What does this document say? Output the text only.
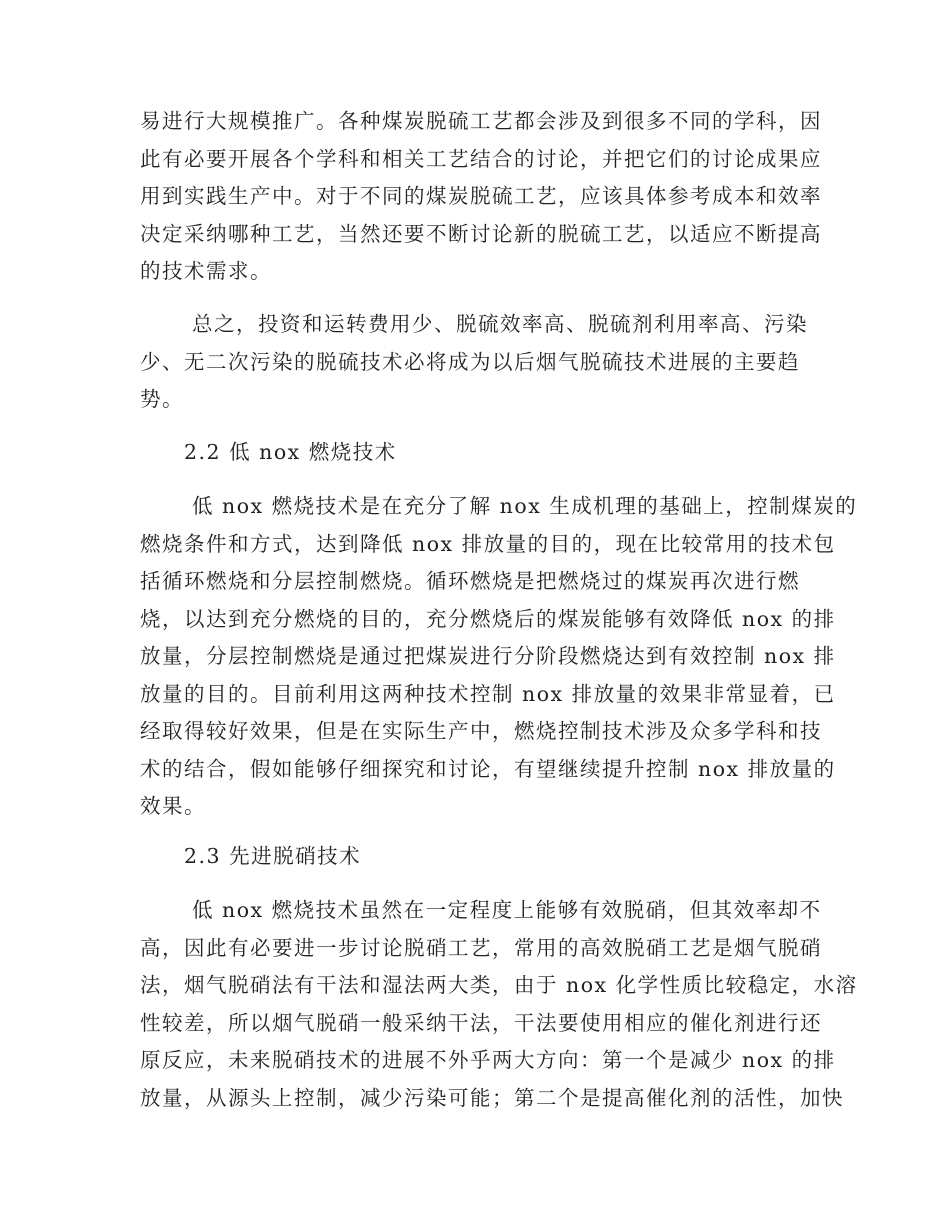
易进行大规模推广。各种煤炭脱硫工艺都会涉及到很多不同的学科，因
此有必要开展各个学科和相关工艺结合的讨论，并把它们的讨论成果应
用到实践生产中。对于不同的煤炭脱硫工艺，应该具体参考成本和效率
决定采纳哪种工艺，当然还要不断讨论新的脱硫工艺，以适应不断提高
的技术需求。
总之，投资和运转费用少、脱硫效率高、脱硫剂利用率高、污染
少、无二次污染的脱硫技术必将成为以后烟气脱硫技术进展的主要趋
势。
2.2 低 nox 燃烧技术
低 nox 燃烧技术是在充分了解 nox 生成机理的基础上，控制煤炭的
燃烧条件和方式，达到降低 nox 排放量的目的，现在比较常用的技术包
括循环燃烧和分层控制燃烧。循环燃烧是把燃烧过的煤炭再次进行燃
烧，以达到充分燃烧的目的，充分燃烧后的煤炭能够有效降低 nox 的排
放量，分层控制燃烧是通过把煤炭进行分阶段燃烧达到有效控制 nox 排
放量的目的。目前利用这两种技术控制 nox 排放量的效果非常显着，已
经取得较好效果，但是在实际生产中，燃烧控制技术涉及众多学科和技
术的结合，假如能够仔细探究和讨论，有望继续提升控制 nox 排放量的
效果。
2.3 先进脱硝技术
低 nox 燃烧技术虽然在一定程度上能够有效脱硝，但其效率却不
高，因此有必要进一步讨论脱硝工艺，常用的高效脱硝工艺是烟气脱硝
法，烟气脱硝法有干法和湿法两大类，由于 nox 化学性质比较稳定，水溶
性较差，所以烟气脱硝一般采纳干法，干法要使用相应的催化剂进行还
原反应，未来脱硝技术的进展不外乎两大方向：第一个是减少 nox 的排
放量，从源头上控制，减少污染可能；第二个是提高催化剂的活性，加快
